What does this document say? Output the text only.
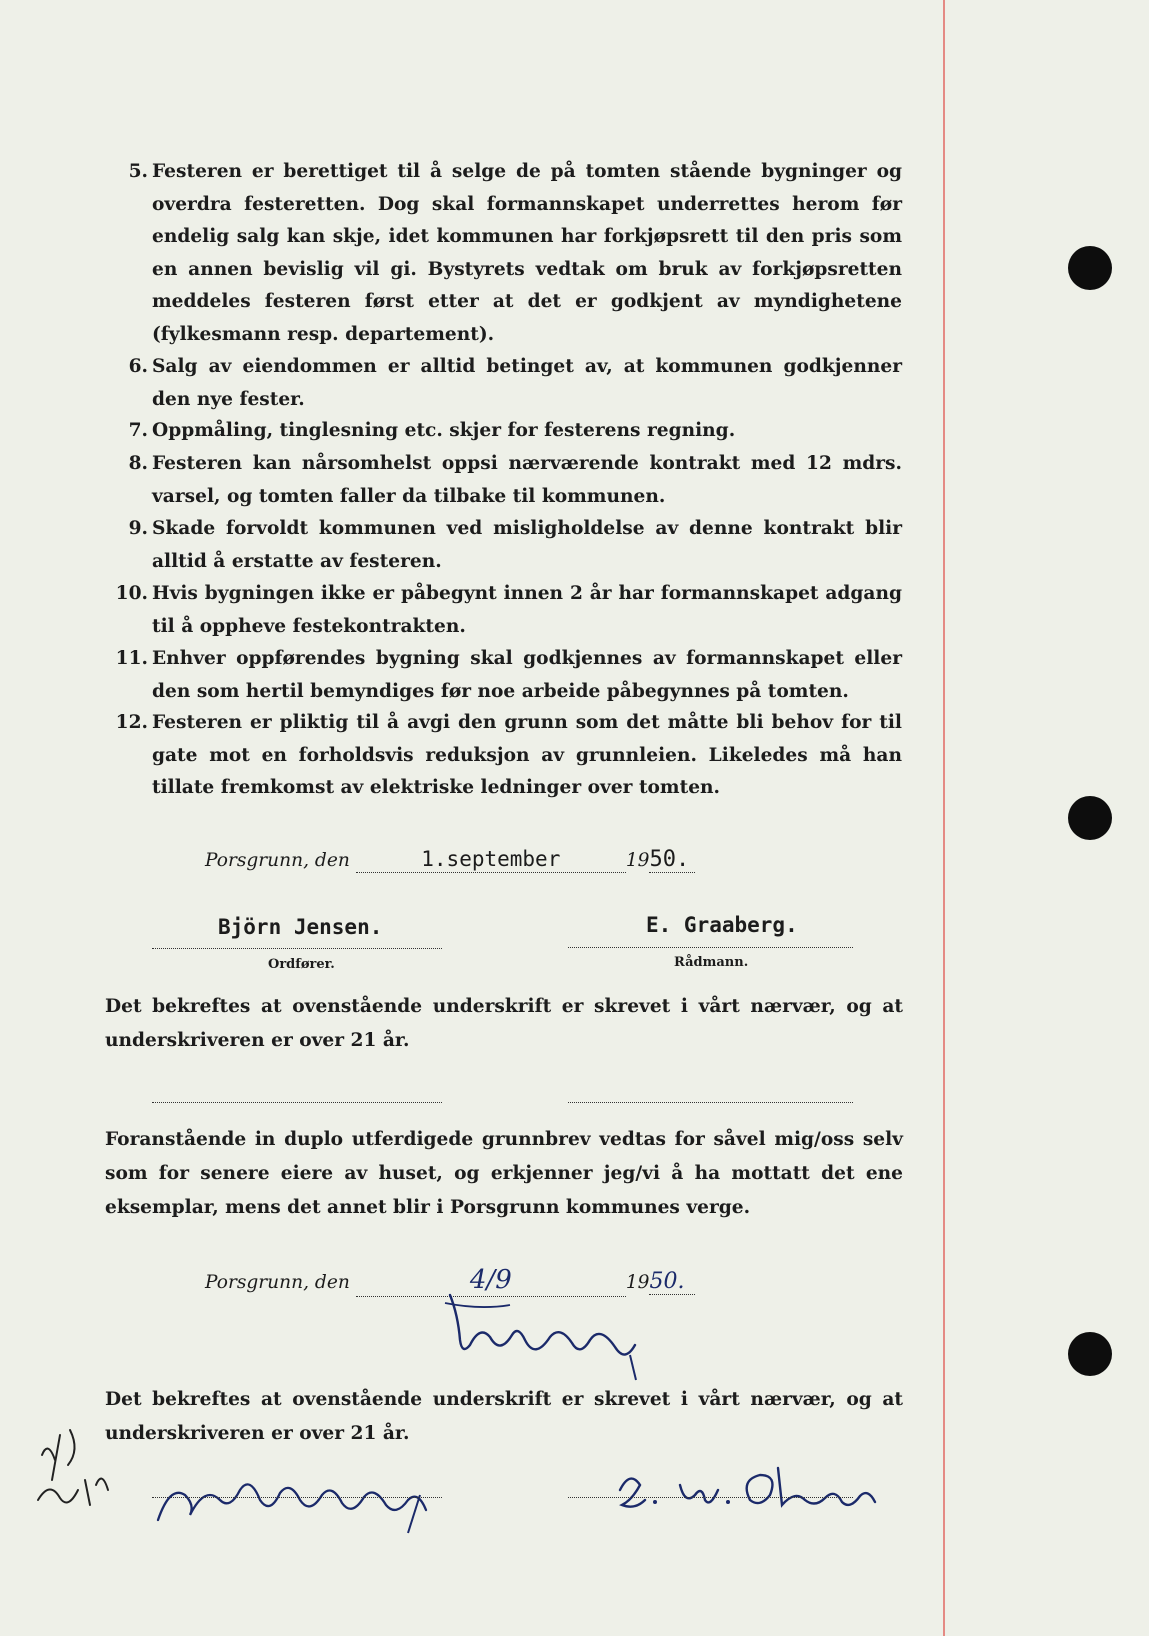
5. Festeren er berettiget til å selge de på tomten stående bygninger og overdra festeretten. Dog skal formannskapet underrettes herom før endelig salg kan skje, idet kommunen har forkjøpsrett til den pris som en annen bevislig vil gi. Bystyrets vedtak om bruk av forkjøpsretten meddeles festeren først etter at det er godkjent av myndighetene (fylkesmann resp. departement).
6. Salg av eiendommen er alltid betinget av, at kommunen godkjenner den nye fester.
7. Oppmåling, tinglesning etc. skjer for festerens regning.
8. Festeren kan nårsomhelst oppsi nærværende kontrakt med 12 mdrs. varsel, og tomten faller da tilbake til kommunen.
9. Skade forvoldt kommunen ved misligholdelse av denne kontrakt blir alltid å erstatte av festeren.
10. Hvis bygningen ikke er påbegynt innen 2 år har formannskapet adgang til å oppheve festekontrakten.
11. Enhver oppførendes bygning skal godkjennes av formannskapet eller den som hertil bemyndiges før noe arbeide påbegynnes på tomten.
12. Festeren er pliktig til å avgi den grunn som det måtte bli behov for til gate mot en forholdsvis reduksjon av grunnleien. Likeledes må han tillate fremkomst av elektriske ledninger over tomten.
Porsgrunn, den	1.september	19 50.
Björn Jensen.
Ordfører.
E. Graaberg.
Rådmann.
Det bekreftes at ovenstående underskrift er skrevet i vårt nærvær, og at underskriveren er over 21 år.
Foranstående in duplo utferdigede grunnbrev vedtas for såvel mig/oss selv som for senere eiere av huset, og erkjenner jeg/vi å ha mottatt det ene eksemplar, mens det annet blir i Porsgrunn kommunes verge.
Porsgrunn, den	4/9	19 50.
Det bekreftes at ovenstående underskrift er skrevet i vårt nærvær, og at underskriveren er over 21 år.
